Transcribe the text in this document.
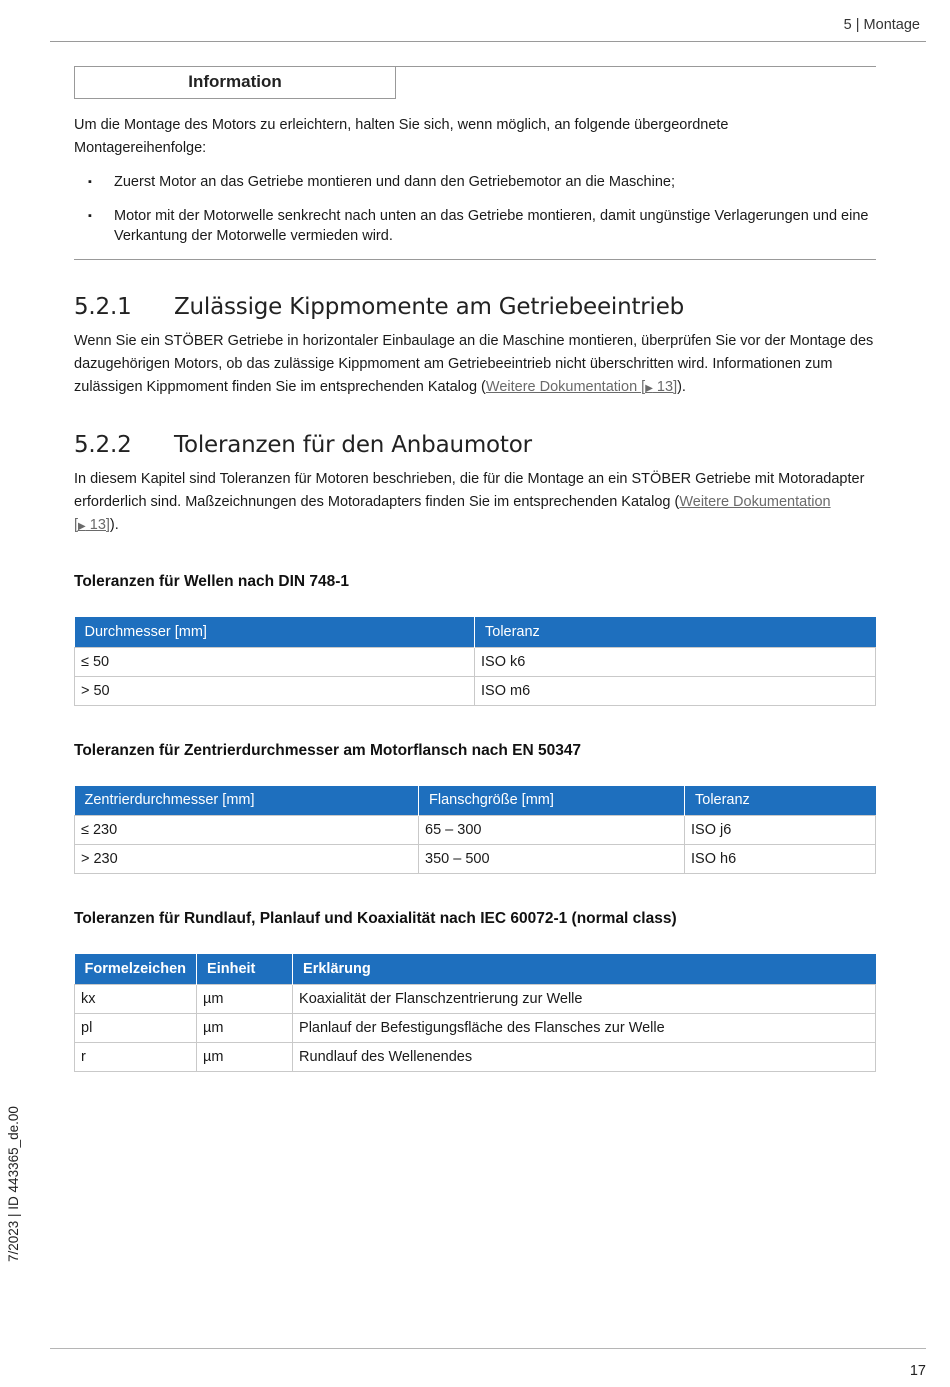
5 | Montage
7/2023 | ID 443365_de.00
Information

Um die Montage des Motors zu erleichtern, halten Sie sich, wenn möglich, an folgende übergeordnete Montagereihenfolge:

▪ Zuerst Motor an das Getriebe montieren und dann den Getriebemotor an die Maschine;
▪ Motor mit der Motorwelle senkrecht nach unten an das Getriebe montieren, damit ungünstige Verlagerungen und eine Verkantung der Motorwelle vermieden wird.
5.2.1	Zulässige Kippmomente am Getriebeeintrieb

Wenn Sie ein STÖBER Getriebe in horizontaler Einbaulage an die Maschine montieren, überprüfen Sie vor der Montage des dazugehörigen Motors, ob das zulässige Kippmoment am Getriebeeintrieb nicht überschritten wird. Informationen zum zulässigen Kippmoment finden Sie im entsprechenden Katalog (Weitere Dokumentation [▶ 13]).

5.2.2	Toleranzen für den Anbaumotor

In diesem Kapitel sind Toleranzen für Motoren beschrieben, die für die Montage an ein STÖBER Getriebe mit Motoradapter erforderlich sind. Maßzeichnungen des Motoradapters finden Sie im entsprechenden Katalog (Weitere Dokumentation
[▶ 13]).

Toleranzen für Wellen nach DIN 748-1
Durchmesser [mm]	Toleranz
≤ 50	ISO k6
> 50	ISO m6
Toleranzen für Zentrierdurchmesser am Motorflansch nach EN 50347
Zentrierdurchmesser [mm]	Flanschgröße [mm]	Toleranz
≤ 230	65 – 300	ISO j6
> 230	350 – 500	ISO h6
Toleranzen für Rundlauf, Planlauf und Koaxialität nach IEC 60072-1 (normal class)
Formelzeichen	Einheit	Erklärung
kx	µm	Koaxialität der Flanschzentrierung zur Welle
pl	µm	Planlauf der Befestigungsfläche des Flansches zur Welle
r	µm	Rundlauf des Wellenendes
17
